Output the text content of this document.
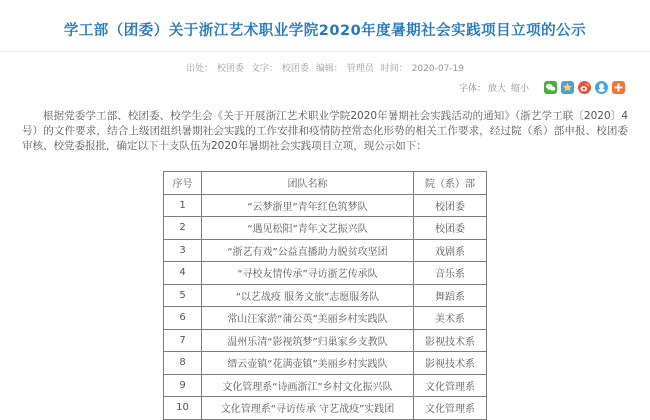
学工部（团委）关于浙江艺术职业学院2020年度暑期社会实践项目立项的公示
出处： 校团委 文字： 校团委 编辑： 管理员 时间： 2020-07-19
字体： 放大 缩小

根据党委学工部、校团委、校学生会《关于开展浙江艺术职业学院2020年暑期社会实践活动的通知》（浙艺学工联〔2020〕4号）的文件要求，结合上级团组织暑期社会实践的工作安排和疫情防控常态化形势的相关工作要求，经过院（系）部申报、校团委审核、校党委报批，确定以下十支队伍为2020年暑期社会实践项目立项，现公示如下：

序号	团队名称	院（系）部
1	“云梦浙里”青年红色筑梦队	校团委
2	“遇见松阳”青年文艺振兴队	校团委
3	“浙艺有戏”公益直播助力脱贫攻坚团	戏剧系
4	“寻校友情传承”寻访浙艺传承队	音乐系
5	“以艺战疫 服务文旅”志愿服务队	舞蹈系
6	常山汪家淤“蒲公英”美丽乡村实践队	美术系
7	温州乐清“影视筑梦”归巢家乡支教队	影视技术系
8	缙云壶镇“花满壶镇”美丽乡村实践队	影视技术系
9	文化管理系“诗画浙江”乡村文化振兴队	文化管理系
10	文化管理系“寻访传承 守艺战疫”实践团	文化管理系
